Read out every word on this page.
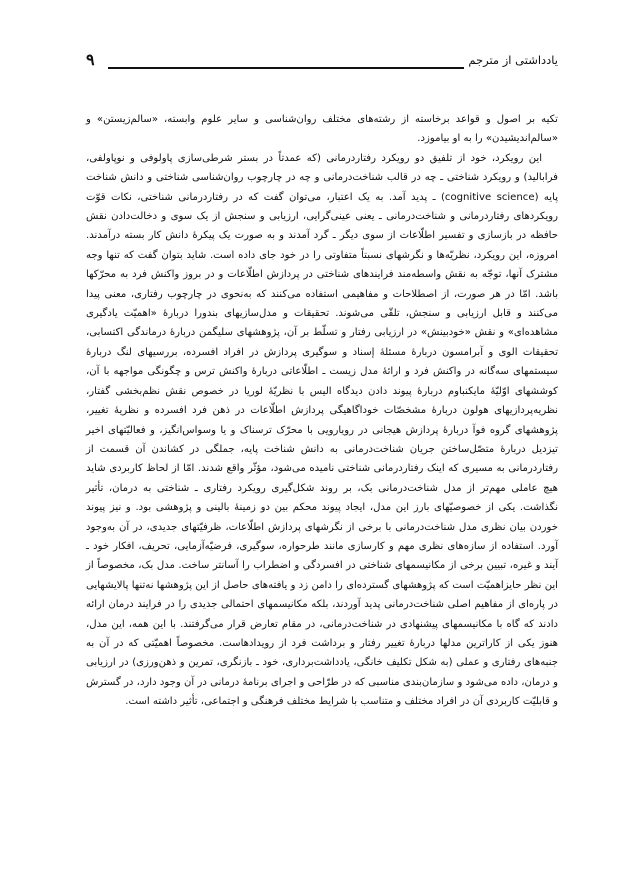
۹	یادداشتی از مترجم

تکیه بر اصول و قواعد برخاسته از رشته‌های مختلف روان‌شناسی و سایر علوم وابسته، «سالم‌زیستن» و «سالم‌اندیشیدن» را به او بیاموزد.

این رویکرد، خود از تلفیق دو رویکرد رفتاردرمانی (که عمدتاً در بستر شرطی‌سازی پاولوفی و نوپاولفی، فرابالید) و رویکرد شناختی ـ چه در قالب شناخت‌درمانی و چه در چارچوب روان‌شناسی شناختی و دانش شناخت پایه (cognitive science) ـ پدید آمد. به یک اعتبار، می‌توان گفت که در رفتاردرمانی شناختی، نکات قوّت رویکردهای رفتاردرمانی و شناخت‌درمانی ـ یعنی عینی‌گرایی، ارزیابی و سنجش از یک سوی و دخالت‌دادن نقش حافظه در بازسازی و تفسیر اطلّاعات از سوی دیگر ـ گرد آمدند و به صورت یک پیکرهٔ دانش کار بسته درآمدند. امروزه، این رویکرد، نظریّه‌ها و نگرشهای نسبتاً متفاوتی را در خود جای داده است. شاید بتوان گفت که تنها وجه مشترک آنها، توجّه به نقش واسطه‌مند فرایندهای شناختی در پردازش اطلّاعات و در بروز واکنش فرد به محرّکها باشد. امّا در هر صورت، از اصطلاحات و مفاهیمی استفاده می‌کنند که به‌نحوی در چارچوب رفتاری، معنی پیدا می‌کنند و قابل ارزیابی و سنجش، تلقّی می‌شوند. تحقیقات و مدل‌سازیهای بندورا دربارهٔ «اهمیّت یادگیری مشاهده‌ای» و نقش «خودبینش» در ارزیابی رفتار و تسلّط بر آن، پژوهشهای سلیگمن دربارهٔ درماندگی اکتسابی، تحقیقات الوی و آبرامسون دربارهٔ مسئلهٔ إسناد و سوگیری پردازش در افراد افسرده، بررسیهای لنگ دربارهٔ سیستمهای سه‌گانه در واکنش فرد و ارائهٔ مدل زیست ـ اطلّاعاتی دربارهٔ واکنش ترس و چگونگی مواجهه با آن، کوششهای اوّلیّهٔ مایکنباوم دربارهٔ پیوند دادن دیدگاه الیس با نظریّهٔ لوریا در خصوص نقش نظم‌بخشی گفتار، نظریه‌پردازیهای هولون دربارهٔ مشخصّات خوداگاهیگی پردازش اطلّاعات در ذهن فرد افسرده و نظریهٔ تغییر، پژوهشهای گروه فوآ دربارهٔ پردازش هیجانی در رویارویی با محرّک ترسناک و یا وسواس‌انگیز، و فعالیّتهای اخیر تیزدیل دربارهٔ متصّل‌ساختن جریان شناخت‌درمانی به دانش شناخت پایه، جملگی در کشاندن آن قسمت از رفتاردرمانی به مسیری که اینک رفتاردرمانی شناختی نامیده می‌شود، مؤثّر واقع شدند. امّا از لحاظ کاربردی شاید هیچ عاملی مهم‌تر از مدل شناخت‌درمانی بک، بر روند شکل‌گیری رویکرد رفتاری ـ شناختی به درمان، تأثیر نگذاشت. یکی از خصوصیّهای بارز این مدل، ایجاد پیوند محکم بین دو زمینهٔ بالینی و پژوهشی بود. و نیز پیوند خوردن بیان نظری مدل شناخت‌درمانی با برخی از نگرشهای پردازش اطلّاعات، ظرفیّتهای جدیدی، در آن به‌وجود آورد. استفاده از سازه‌های نظری مهم و کارسازی مانند طرحواره، سوگیری، فرضیّه‌آزمایی، تحریف، افکار خود ـ آیند و غیره، تبیین برخی از مکانیسمهای شناختی در افسردگی و اضطراب را آسانتر ساخت. مدل بک، مخصوصاً از این نظر حایز‌اهمیّت است که پژوهشهای گسترده‌ای را دامن زد و یافته‌های حاصل از این پژوهشها نه‌تنها پالایشهایی در پاره‌ای از مفاهیم اصلی شناخت‌درمانی پدید آوردند، بلکه مکانیسمهای احتمالی جدیدی را در فرایند درمان ارائه دادند که گاه با مکانیسمهای پیشنهادی در شناخت‌درمانی، در مقام تعارض قرار می‌گرفتند. با این همه، این مدل، هنوز یکی از کاراترین مدلها دربارهٔ تغییر رفتار و برداشت فرد از رویدادهاست. مخصوصاً اهمیّتی که در آن به جنبه‌های رفتاری و عملی (به شکل تکلیف خانگی، یادداشت‌برداری، خود ـ بازنگری، تمرین و ذهن‌ورزی) در ارزیابی و درمان، داده می‌شود و سازمان‌بندی مناسبی که در طرّاحی و اجرای برنامهٔ درمانی در آن وجود دارد، در گسترش و قابلیّت کاربردی آن در افراد مختلف و متناسب با شرایط مختلف فرهنگی و اجتماعی، تأثیر داشته است.
